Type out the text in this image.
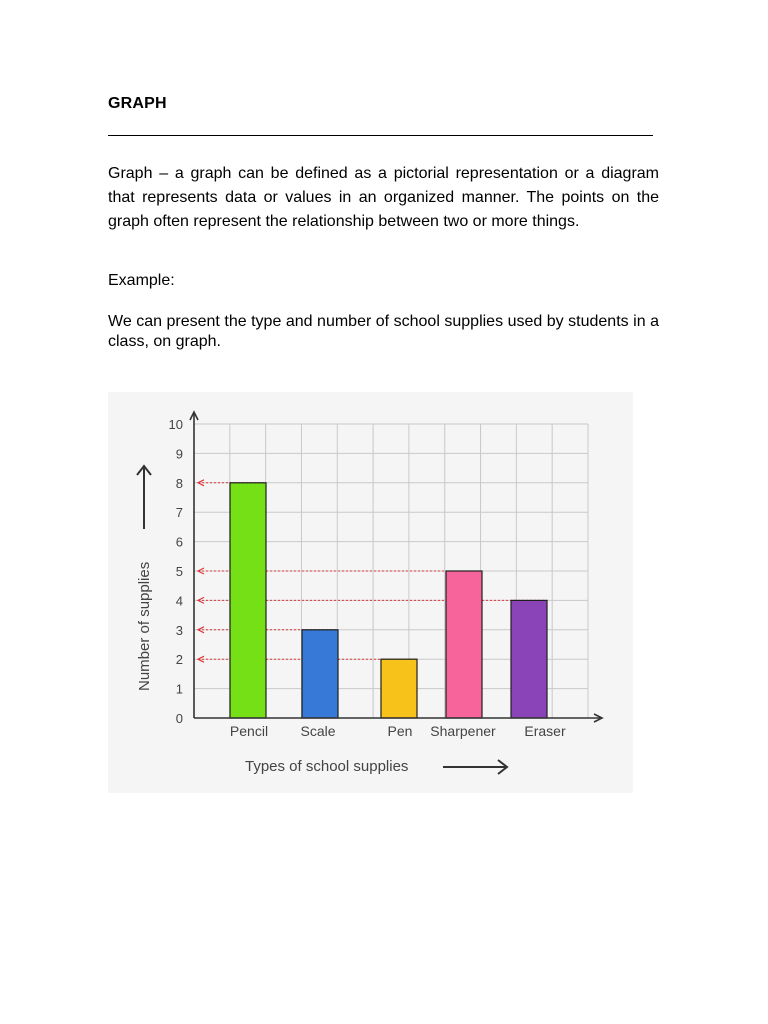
GRAPH

Graph – a graph can be defined as a pictorial representation or a diagram that represents data or values in an organized manner. The points on the graph often represent the relationship between two or more things.

Example:

We can present the type and number of school supplies used by students in a class, on graph.

0
1
2
3
4
5
6
7
8
9
10
Pencil Scale	Pen Sharpener Eraser
Types of school supplies
Number of supplies
